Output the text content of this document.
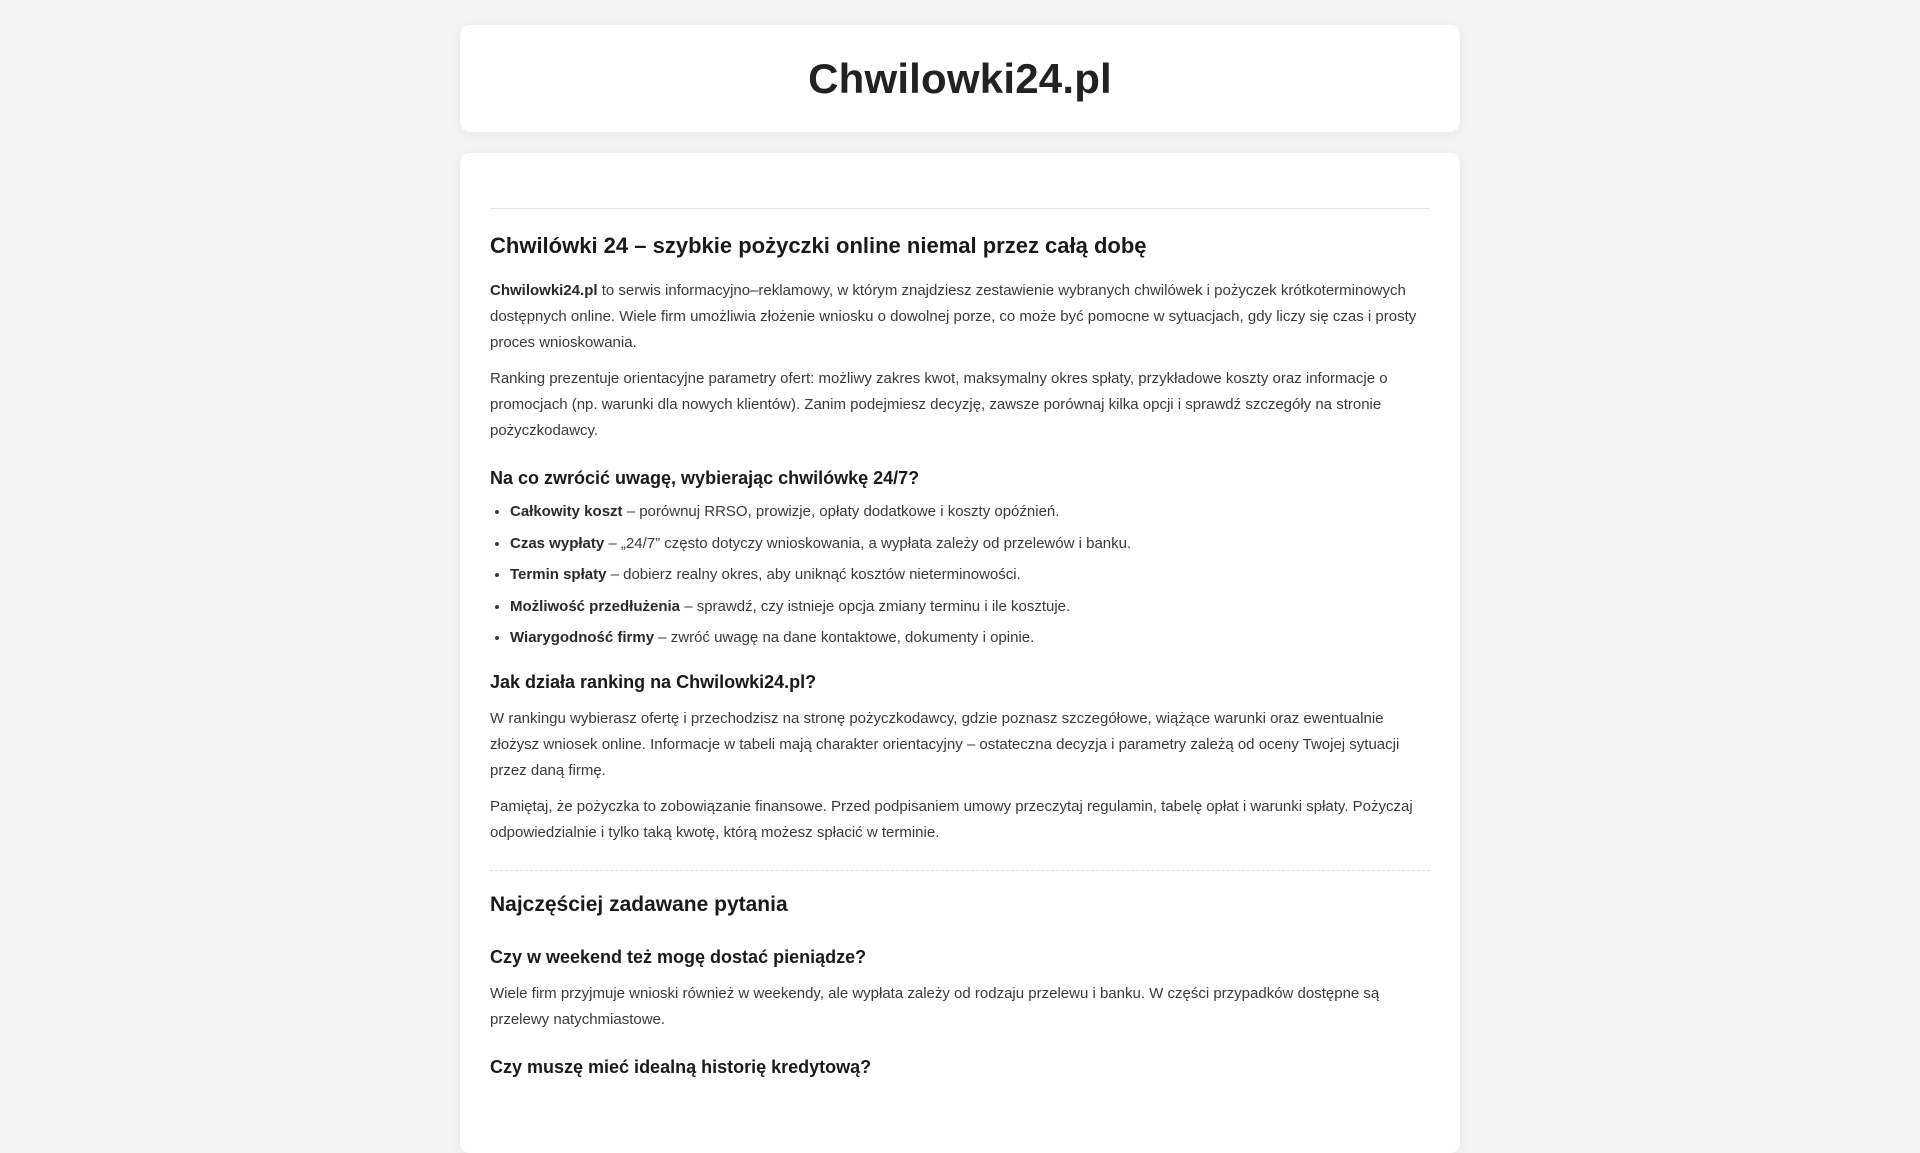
Chwilowki24.pl
Chwilówki 24 – szybkie pożyczki online niemal przez całą dobę

Chwilowki24.pl to serwis informacyjno–reklamowy, w którym znajdziesz zestawienie wybranych chwilówek i pożyczek krótkoterminowych dostępnych online. Wiele firm umożliwia złożenie wniosku o dowolnej porze, co może być pomocne w sytuacjach, gdy liczy się czas i prosty proces wnioskowania.

Ranking prezentuje orientacyjne parametry ofert: możliwy zakres kwot, maksymalny okres spłaty, przykładowe koszty oraz informacje o promocjach (np. warunki dla nowych klientów). Zanim podejmiesz decyzję, zawsze porównaj kilka opcji i sprawdź szczegóły na stronie pożyczkodawcy.

Na co zwrócić uwagę, wybierając chwilówkę 24/7?
• Całkowity koszt – porównuj RRSO, prowizje, opłaty dodatkowe i koszty opóźnień.
• Czas wypłaty – „24/7” często dotyczy wnioskowania, a wypłata zależy od przelewów i banku.
• Termin spłaty – dobierz realny okres, aby uniknąć kosztów nieterminowości.
• Możliwość przedłużenia – sprawdź, czy istnieje opcja zmiany terminu i ile kosztuje.
• Wiarygodność firmy – zwróć uwagę na dane kontaktowe, dokumenty i opinie.
Jak działa ranking na Chwilowki24.pl?

W rankingu wybierasz ofertę i przechodzisz na stronę pożyczkodawcy, gdzie poznasz szczegółowe, wiążące warunki oraz ewentualnie złożysz wniosek online. Informacje w tabeli mają charakter orientacyjny – ostateczna decyzja i parametry zależą od oceny Twojej sytuacji przez daną firmę.

Pamiętaj, że pożyczka to zobowiązanie finansowe. Przed podpisaniem umowy przeczytaj regulamin, tabelę opłat i warunki spłaty. Pożyczaj odpowiedzialnie i tylko taką kwotę, którą możesz spłacić w terminie.

Najczęściej zadawane pytania
Czy w weekend też mogę dostać pieniądze?

Wiele firm przyjmuje wnioski również w weekendy, ale wypłata zależy od rodzaju przelewu i banku. W części przypadków dostępne są przelewy natychmiastowe.

Czy muszę mieć idealną historię kredytową?
